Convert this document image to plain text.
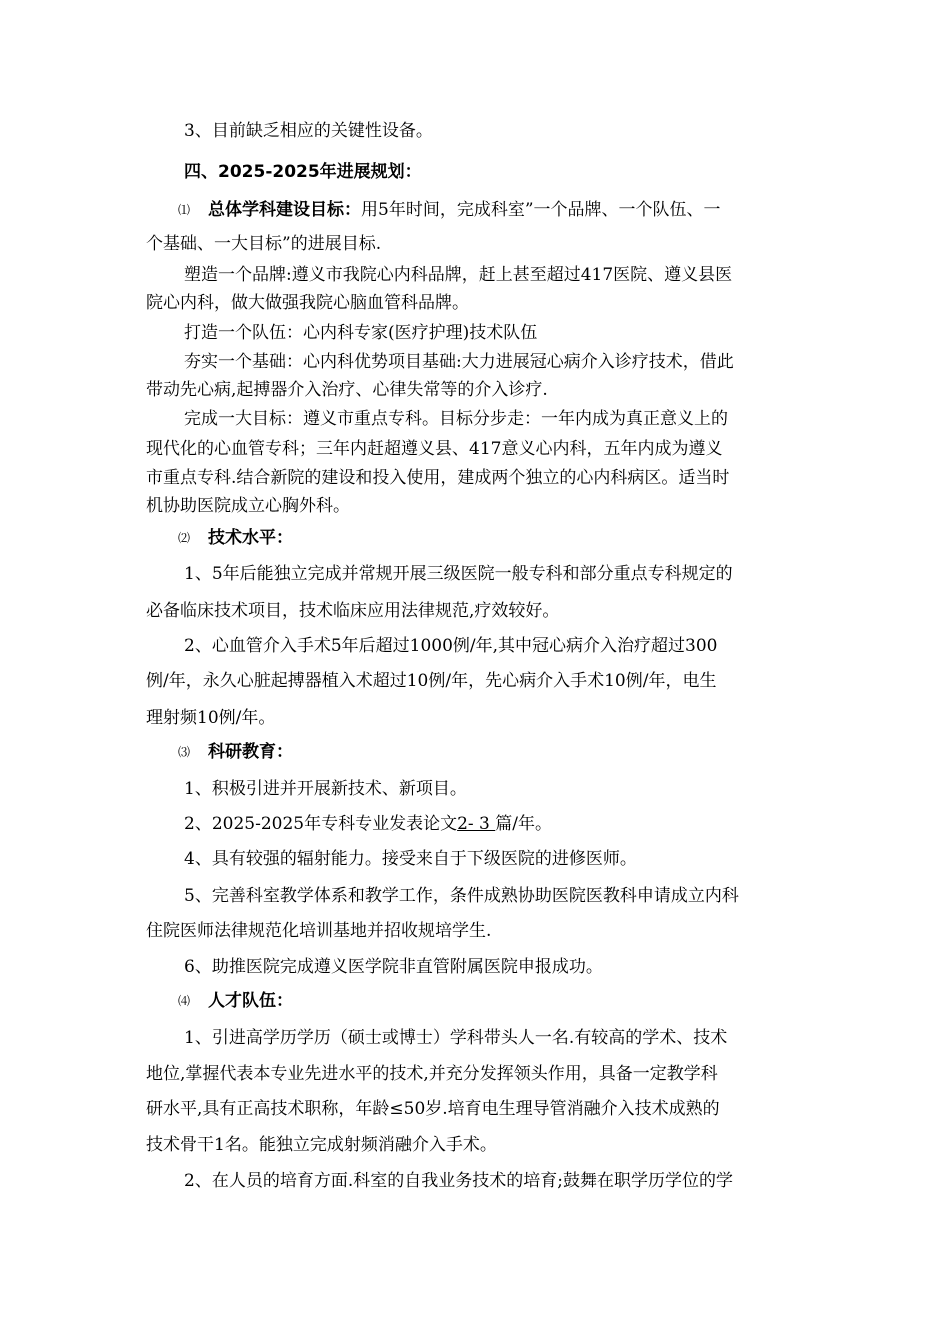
3、目前缺乏相应的关键性设备。
四、2025-2025年进展规划：
⑴ 总体学科建设目标：用5年时间，完成科室”一个品牌、一个队伍、一
个基础、一大目标”的进展目标.
塑造一个品牌:遵义市我院心内科品牌，赶上甚至超过417医院、遵义县医
院心内科，做大做强我院心脑血管科品牌。
打造一个队伍：心内科专家(医疗护理)技术队伍
夯实一个基础：心内科优势项目基础:大力进展冠心病介入诊疗技术，借此
带动先心病,起搏器介入治疗、心律失常等的介入诊疗.
完成一大目标：遵义市重点专科。目标分步走：一年内成为真正意义上的
现代化的心血管专科；三年内赶超遵义县、417意义心内科，五年内成为遵义
市重点专科.结合新院的建设和投入使用，建成两个独立的心内科病区。适当时
机协助医院成立心胸外科。
⑵ 技术水平：
1、5年后能独立完成并常规开展三级医院一般专科和部分重点专科规定的
必备临床技术项目，技术临床应用法律规范,疗效较好。
2、心血管介入手术5年后超过1000例/年,其中冠心病介入治疗超过300
例/年，永久心脏起搏器植入术超过10例/年，先心病介入手术10例/年，电生
理射频10例/年。
⑶ 科研教育：
1、积极引进并开展新技术、新项目。
2、2025-2025年专科专业发表论文2- 3 篇/年。
4、具有较强的辐射能力。接受来自于下级医院的进修医师。
5、完善科室教学体系和教学工作，条件成熟协助医院医教科申请成立内科
住院医师法律规范化培训基地并招收规培学生.
6、助推医院完成遵义医学院非直管附属医院申报成功。
⑷ 人才队伍：
1、引进高学历学历（硕士或博士）学科带头人一名.有较高的学术、技术
地位,掌握代表本专业先进水平的技术,并充分发挥领头作用，具备一定教学科
研水平,具有正高技术职称，年龄≤50岁.培育电生理导管消融介入技术成熟的
技术骨干1名。能独立完成射频消融介入手术。
2、在人员的培育方面.科室的自我业务技术的培育;鼓舞在职学历学位的学
